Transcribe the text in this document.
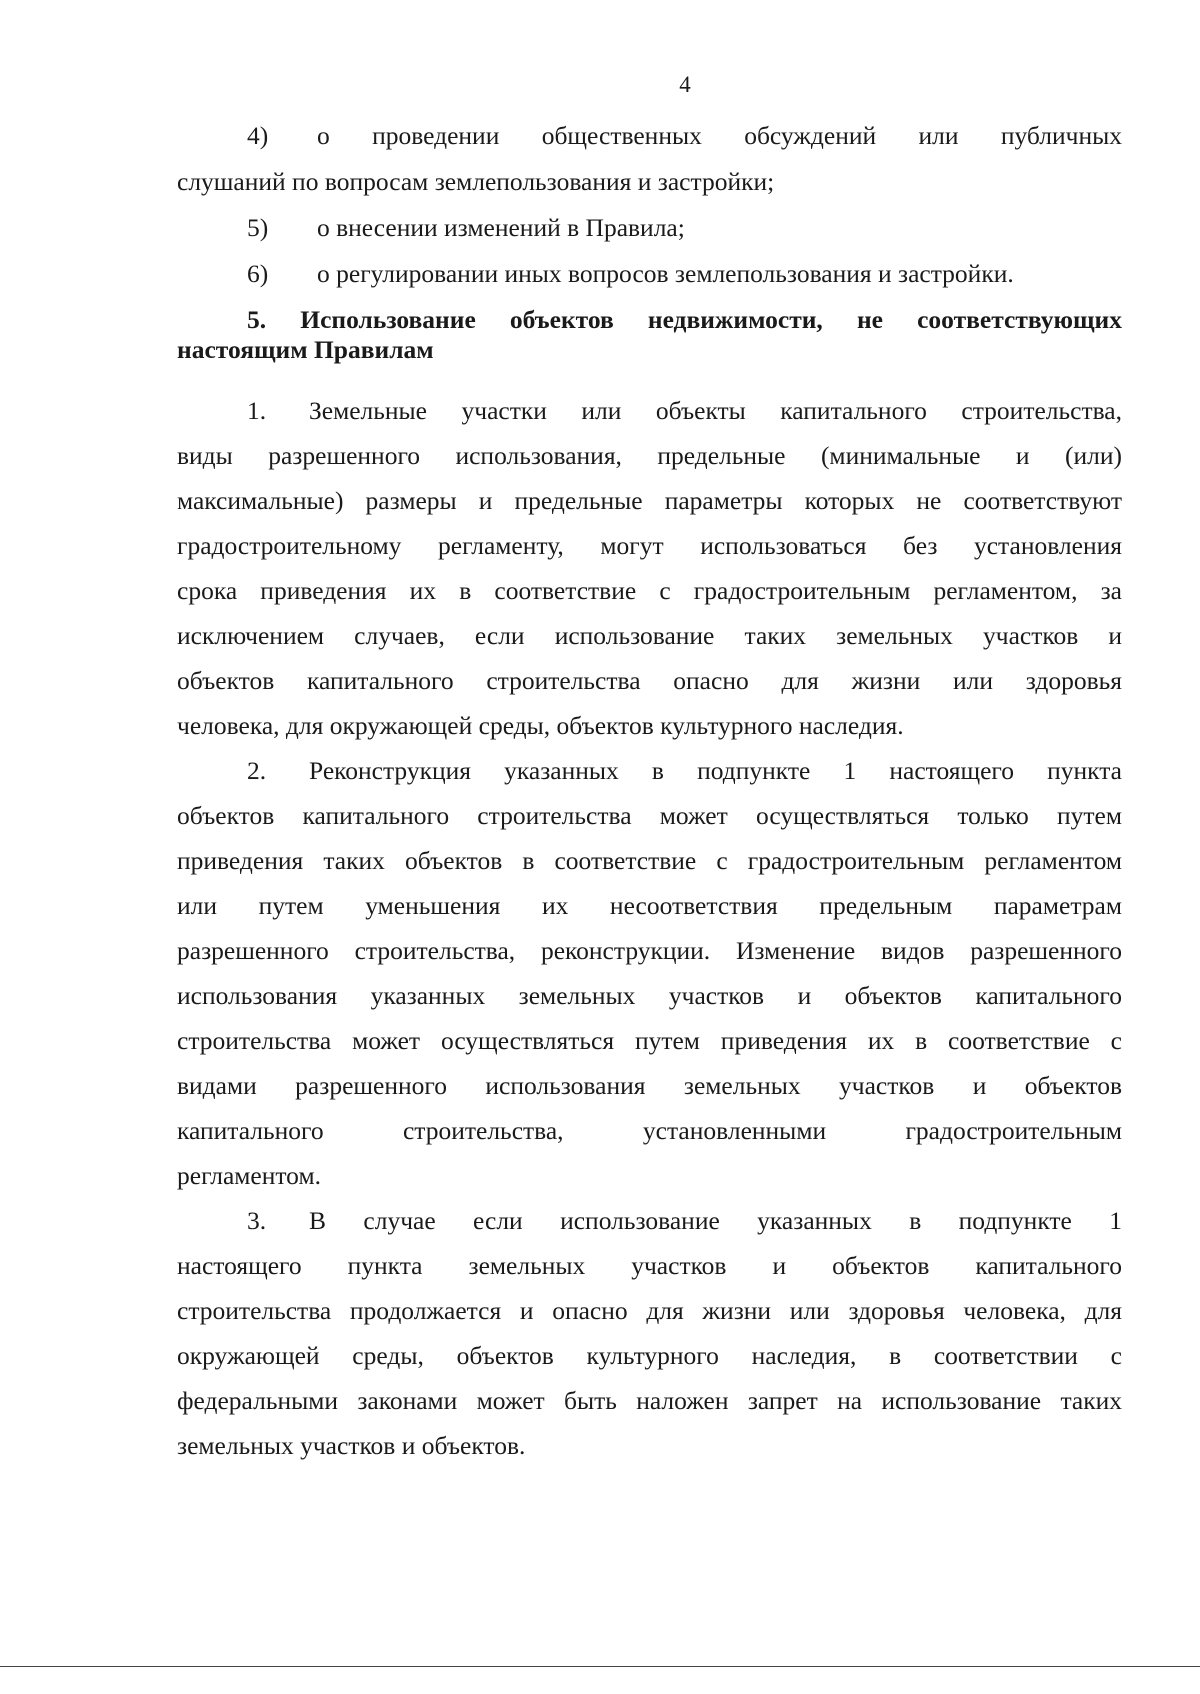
4
4) о проведении общественных обсуждений или публичных
слушаний по вопросам землепользования и застройки;
5) о внесении изменений в Правила;
6) о регулировании иных вопросов землепользования и застройки.
5. Использование объектов недвижимости, не соответствующих
настоящим Правилам
1. Земельные участки или объекты капитального строительства,
виды разрешенного использования, предельные (минимальные и (или)
максимальные) размеры и предельные параметры которых не соответствуют
градостроительному регламенту, могут использоваться без установления
срока приведения их в соответствие с градостроительным регламентом, за
исключением случаев, если использование таких земельных участков и
объектов капитального строительства опасно для жизни или здоровья
человека, для окружающей среды, объектов культурного наследия.
2. Реконструкция указанных в подпункте 1 настоящего пункта
объектов капитального строительства может осуществляться только путем
приведения таких объектов в соответствие с градостроительным регламентом
или путем уменьшения их несоответствия предельным параметрам
разрешенного строительства, реконструкции. Изменение видов разрешенного
использования указанных земельных участков и объектов капитального
строительства может осуществляться путем приведения их в соответствие с
видами разрешенного использования земельных участков и объектов
капитального строительства, установленными градостроительным
регламентом.
3. В случае если использование указанных в подпункте 1
настоящего пункта земельных участков и объектов капитального
строительства продолжается и опасно для жизни или здоровья человека, для
окружающей среды, объектов культурного наследия, в соответствии с
федеральными законами может быть наложен запрет на использование таких
земельных участков и объектов.
